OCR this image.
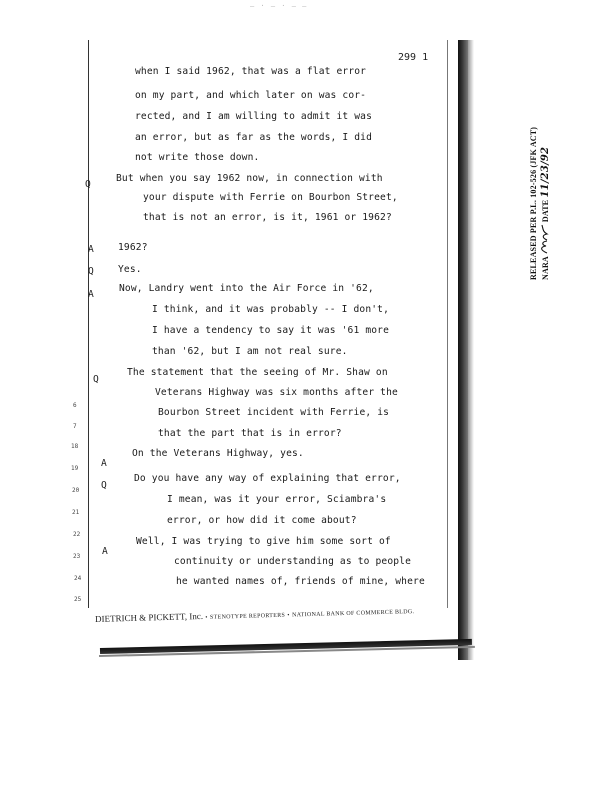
— · — · — —
299 1
when I said 1962, that was a flat error
on my part, and which later on was cor-
rected, and I am willing to admit it was
an error, but as far as the words, I did
not write those down.
Q
But when you say 1962 now, in connection with
your dispute with Ferrie on Bourbon Street,
that is not an error, is it, 1961 or 1962?
A	1962?
Q	Yes.
A
Now, Landry went into the Air Force in '62,
I think, and it was probably -- I don't,
I have a tendency to say it was '61 more
than '62, but I am not real sure.
Q
The statement that the seeing of Mr. Shaw on
Veterans Highway was six months after the
Bourbon Street incident with Ferrie, is
that the part that is in error?
A
On the Veterans Highway, yes.
Q
Do you have any way of explaining that error,
I mean, was it your error, Sciambra's
error, or how did it come about?
A
Well, I was trying to give him some sort of
continuity or understanding as to people
he wanted names of, friends of mine, where
6
7
18
19
20
21
22
23
24
25
DIETRICH & PICKETT, Inc. • STENOTYPE REPORTERS • NATIONAL BANK OF COMMERCE BLDG.
RELEASED PER P.L. 102-526 (JFK ACT)
NARA  DATE 11/23/92
